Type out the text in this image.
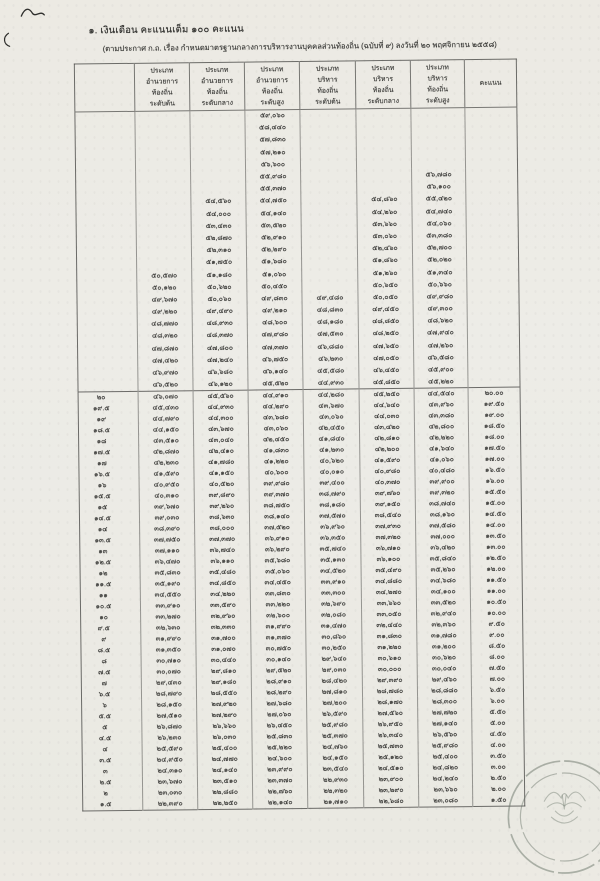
๑. เงินเดือน คะแนนเต็ม ๑๐๐ คะแนน
(ตามประกาศ ก.ถ. เรื่อง กำหนดมาตรฐานกลางการบริหารงานบุคคลส่วนท้องถิ่น (ฉบับที่ ๙) ลงวันที่ ๒๐ พฤศจิกายน ๒๕๕๘)
	ประเภท
อำนวยการ
ท้องถิ่น
ระดับต้น	ประเภท
อำนวยการ
ท้องถิ่น
ระดับกลาง	ประเภท
อำนวยการ
ท้องถิ่น
ระดับสูง	ประเภท
บริหาร
ท้องถิ่น
ระดับต้น	ประเภท
บริหาร
ท้องถิ่น
ระดับกลาง	ประเภท
บริหาร
ท้องถิ่น
ระดับสูง	คะแนน
			๕๙,๐๖๐				
			๕๘,๔๔๐				
			๕๗,๘๓๐				
			๕๗,๒๑๐				
			๕๖,๖๐๐				
			๕๕,๙๘๐			๕๖,๗๘๐	
			๕๕,๓๗๐			๕๖,๑๐๐	
		๕๔,๕๖๐	๕๔,๗๕๐		๕๔,๘๖๐	๕๕,๔๒๐	
		๕๔,๐๐๐	๕๔,๑๔๐		๕๔,๒๖๐	๕๔,๗๔๐	
		๕๓,๔๓๐	๕๓,๕๒๐		๕๓,๖๖๐	๕๔,๐๖๐	
		๕๒,๘๗๐	๕๒,๙๑๐		๕๓,๐๖๐	๕๓,๓๘๐	
		๕๒,๓๑๐	๕๒,๒๙๐		๕๒,๔๖๐	๕๒,๗๐๐	
		๕๑,๗๕๐	๕๑,๖๘๐		๕๑,๘๖๐	๕๒,๐๒๐	
	๕๐,๕๗๐	๕๑,๑๘๐	๕๑,๐๖๐		๕๑,๒๖๐	๕๑,๓๔๐	
	๕๐,๑๒๐	๕๐,๖๒๐	๕๐,๔๕๐		๕๐,๖๕๐	๕๐,๖๖๐	
	๔๙,๖๗๐	๕๐,๐๖๐	๔๙,๘๓๐	๔๙,๔๘๐	๕๐,๐๕๐	๔๙,๙๘๐	
	๔๙,๒๒๐	๔๙,๔๙๐	๔๙,๒๑๐	๔๘,๘๓๐	๔๙,๔๕๐	๔๙,๓๐๐	
	๔๘,๗๗๐	๔๘,๙๓๐	๔๘,๖๐๐	๔๘,๑๘๐	๔๘,๘๕๐	๔๘,๖๒๐	
	๔๘,๓๒๐	๔๘,๓๗๐	๔๗,๙๘๐	๔๗,๕๓๐	๔๘,๒๕๐	๔๗,๙๔๐	
	๔๗,๘๗๐	๔๗,๘๐๐	๔๗,๓๗๐	๔๖,๘๘๐	๔๗,๖๕๐	๔๗,๒๖๐	
	๔๗,๔๒๐	๔๗,๒๔๐	๔๖,๗๕๐	๔๖,๒๓๐	๔๗,๐๕๐	๔๖,๕๘๐	
	๔๖,๙๗๐	๔๖,๖๘๐	๔๖,๑๔๐	๔๕,๕๘๐	๔๖,๔๕๐	๔๕,๙๐๐	
	๔๖,๕๒๐	๔๖,๑๒๐	๔๕,๕๒๐	๔๔,๙๓๐	๔๕,๘๕๐	๔๕,๒๒๐	
๒๐	๔๖,๐๗๐	๔๕,๕๖๐	๔๔,๙๑๐	๔๔,๒๘๐	๔๕,๒๕๐	๔๔,๕๔๐	๒๐.๐๐
๑๙.๕	๔๕,๔๓๐	๔๔,๙๓๐	๔๔,๒๙๐	๔๓,๖๗๐	๔๔,๖๔๐	๔๓,๙๖๐	๑๙.๕๐
๑๙	๔๔,๗๙๐	๔๔,๓๐๐	๔๓,๖๘๐	๔๓,๐๖๐	๔๔,๐๓๐	๔๓,๓๘๐	๑๙.๐๐
๑๘.๕	๔๔,๑๕๐	๔๓,๖๗๐	๔๓,๐๖๐	๔๒,๔๕๐	๔๓,๔๒๐	๔๒,๘๐๐	๑๘.๕๐
๑๘	๔๓,๕๑๐	๔๓,๐๔๐	๔๒,๔๕๐	๔๑,๘๔๐	๔๒,๘๑๐	๔๒,๒๒๐	๑๘.๐๐
๑๗.๕	๔๒,๘๗๐	๔๒,๔๑๐	๔๑,๘๓๐	๔๑,๒๓๐	๔๒,๒๐๐	๔๑,๖๔๐	๑๗.๕๐
๑๗	๔๒,๒๓๐	๔๑,๗๘๐	๔๑,๒๒๐	๔๐,๖๒๐	๔๑,๕๙๐	๔๑,๐๖๐	๑๗.๐๐
๑๖.๕	๔๑,๕๙๐	๔๑,๑๕๐	๔๐,๖๐๐	๔๐,๐๑๐	๔๐,๙๘๐	๔๐,๔๘๐	๑๖.๕๐
๑๖	๔๐,๙๕๐	๔๐,๕๒๐	๓๙,๙๘๐	๓๙,๔๐๐	๔๐,๓๗๐	๓๙,๙๐๐	๑๖.๐๐
๑๕.๕	๔๐,๓๑๐	๓๙,๘๙๐	๓๙,๓๗๐	๓๘,๗๙๐	๓๙,๗๖๐	๓๙,๓๒๐	๑๕.๕๐
๑๕	๓๙,๖๗๐	๓๙,๒๖๐	๓๘,๗๕๐	๓๘,๑๘๐	๓๙,๑๕๐	๓๘,๗๔๐	๑๕.๐๐
๑๔.๕	๓๙,๐๓๐	๓๘,๖๓๐	๓๘,๑๔๐	๓๗,๕๗๐	๓๘,๕๔๐	๓๘,๑๖๐	๑๔.๕๐
๑๔	๓๘,๓๙๐	๓๘,๐๐๐	๓๗,๕๒๐	๓๖,๙๖๐	๓๗,๙๓๐	๓๗,๕๘๐	๑๔.๐๐
๑๓.๕	๓๗,๗๕๐	๓๗,๓๗๐	๓๖,๙๑๐	๓๖,๓๕๐	๓๗,๓๒๐	๓๗,๐๐๐	๑๓.๕๐
๑๓	๓๗,๑๑๐	๓๖,๗๔๐	๓๖,๒๙๐	๓๕,๗๔๐	๓๖,๗๑๐	๓๖,๔๒๐	๑๓.๐๐
๑๒.๕	๓๖,๔๗๐	๓๖,๑๑๐	๓๕,๖๘๐	๓๕,๑๓๐	๓๖,๑๐๐	๓๕,๘๔๐	๑๒.๕๐
๑๒	๓๕,๘๓๐	๓๕,๔๘๐	๓๕,๐๖๐	๓๔,๕๒๐	๓๕,๔๙๐	๓๕,๒๖๐	๑๒.๐๐
๑๑.๕	๓๕,๑๙๐	๓๔,๘๕๐	๓๔,๔๕๐	๓๓,๙๑๐	๓๔,๘๘๐	๓๔,๖๘๐	๑๑.๕๐
๑๑	๓๔,๕๕๐	๓๔,๒๒๐	๓๓,๘๓๐	๓๓,๓๐๐	๓๔,๒๗๐	๓๔,๑๐๐	๑๑.๐๐
๑๐.๕	๓๓,๙๑๐	๓๓,๕๙๐	๓๓,๒๒๐	๓๒,๖๙๐	๓๓,๖๖๐	๓๓,๕๒๐	๑๐.๕๐
๑๐	๓๓,๒๗๐	๓๒,๙๖๐	๓๒,๖๐๐	๓๒,๐๘๐	๓๓,๐๕๐	๓๒,๙๔๐	๑๐.๐๐
๙.๕	๓๒,๖๓๐	๓๒,๓๓๐	๓๑,๙๙๐	๓๑,๔๗๐	๓๒,๔๔๐	๓๒,๓๖๐	๙.๕๐
๙	๓๑,๙๙๐	๓๑,๗๐๐	๓๑,๓๗๐	๓๐,๘๖๐	๓๑,๘๓๐	๓๑,๗๘๐	๙.๐๐
๘.๕	๓๑,๓๕๐	๓๑,๐๗๐	๓๐,๗๕๐	๓๐,๒๕๐	๓๑,๒๒๐	๓๑,๒๐๐	๘.๕๐
๘	๓๐,๗๑๐	๓๐,๔๔๐	๓๐,๑๔๐	๒๙,๖๔๐	๓๐,๖๑๐	๓๐,๖๒๐	๘.๐๐
๗.๕	๓๐,๐๗๐	๒๙,๘๑๐	๒๙,๕๒๐	๒๙,๐๓๐	๓๐,๐๐๐	๓๐,๐๔๐	๗.๕๐
๗	๒๙,๔๓๐	๒๙,๑๘๐	๒๘,๙๑๐	๒๘,๔๒๐	๒๙,๓๙๐	๒๙,๔๖๐	๗.๐๐
๖.๕	๒๘,๗๙๐	๒๘,๕๕๐	๒๘,๒๙๐	๒๗,๘๑๐	๒๘,๗๘๐	๒๘,๘๘๐	๖.๕๐
๖	๒๘,๑๕๐	๒๗,๙๒๐	๒๗,๖๘๐	๒๗,๒๐๐	๒๘,๑๗๐	๒๘,๓๐๐	๖.๐๐
๕.๕	๒๗,๕๑๐	๒๗,๒๙๐	๒๗,๐๖๐	๒๖,๕๙๐	๒๗,๕๖๐	๒๗,๗๒๐	๕.๕๐
๕	๒๖,๘๗๐	๒๖,๖๖๐	๒๖,๔๕๐	๒๕,๙๘๐	๒๖,๙๕๐	๒๗,๑๔๐	๕.๐๐
๔.๕	๒๖,๒๓๐	๒๖,๐๓๐	๒๕,๘๓๐	๒๕,๓๗๐	๒๖,๓๔๐	๒๖,๕๖๐	๔.๕๐
๔	๒๕,๕๙๐	๒๕,๔๐๐	๒๕,๒๒๐	๒๔,๗๖๐	๒๕,๗๓๐	๒๕,๙๘๐	๔.๐๐
๓.๕	๒๔,๙๕๐	๒๔,๗๗๐	๒๔,๖๐๐	๒๔,๑๕๐	๒๕,๑๒๐	๒๕,๔๐๐	๓.๕๐
๓	๒๔,๓๑๐	๒๔,๑๔๐	๒๓,๙๙๐	๒๓,๕๔๐	๒๔,๕๑๐	๒๔,๘๒๐	๓.๐๐
๒.๕	๒๓,๖๗๐	๒๓,๕๑๐	๒๓,๓๗๐	๒๒,๙๓๐	๒๓,๙๐๐	๒๔,๒๔๐	๒.๕๐
๒	๒๓,๐๓๐	๒๒,๘๘๐	๒๒,๗๖๐	๒๒,๓๒๐	๒๓,๒๙๐	๒๓,๖๖๐	๒.๐๐
๑.๕	๒๒,๓๙๐	๒๒,๒๕๐	๒๒,๑๔๐	๒๑,๗๑๐	๒๒,๖๘๐	๒๓,๐๘๐	๑.๕๐
